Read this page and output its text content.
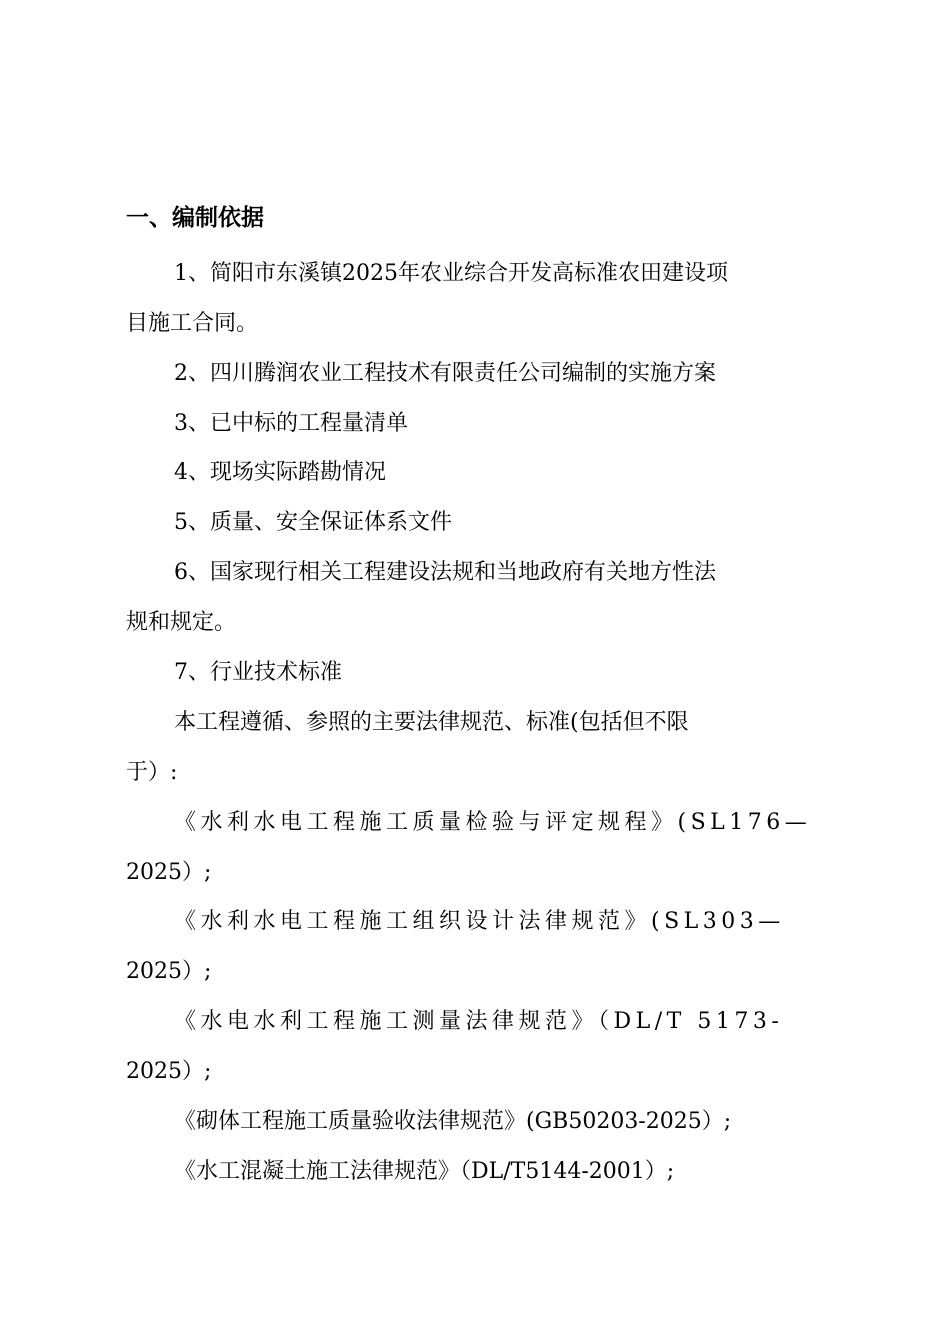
一、编制依据
1、简阳市东溪镇2025年农业综合开发高标准农田建设项
目施工合同。
2、四川腾润农业工程技术有限责任公司编制的实施方案
3、已中标的工程量清单
4、现场实际踏勘情况
5、质量、安全保证体系文件
6、国家现行相关工程建设法规和当地政府有关地方性法
规和规定。
7、行业技术标准
本工程遵循、参照的主要法律规范、标准(包括但不限
于）:
《水利水电工程施工质量检验与评定规程》(SL176—
2025）;
《水利水电工程施工组织设计法律规范》(SL303—
2025）;
《水电水利工程施工测量法律规范》（DL/T 5173-
2025）;
《砌体工程施工质量验收法律规范》(GB50203-2025）;
《水工混凝土施工法律规范》（DL/T5144-2001）;
